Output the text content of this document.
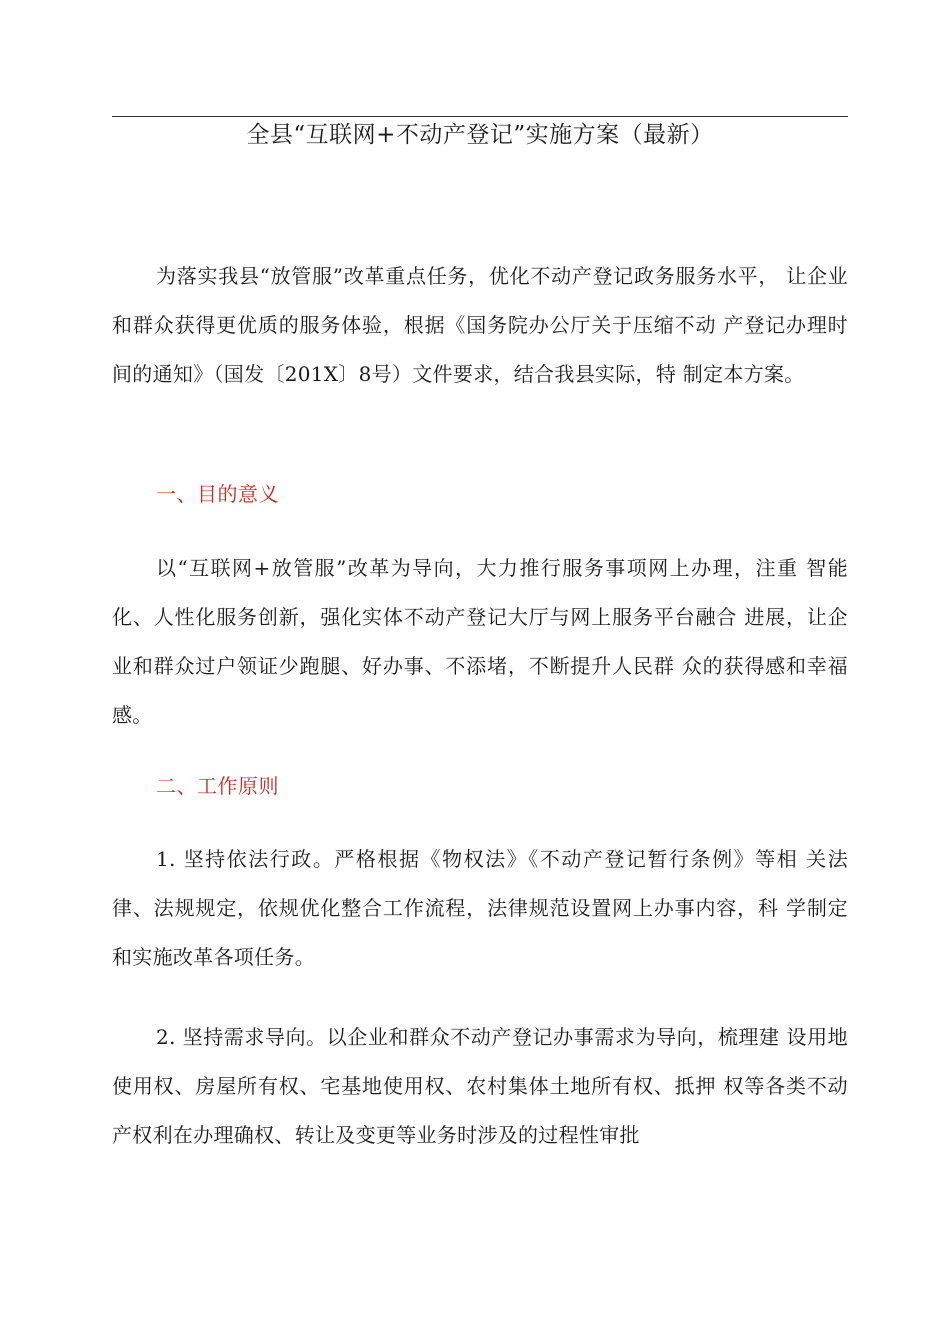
全县“互联网+不动产登记”实施方案（最新）

为落实我县“放管服”改革重点任务，优化不动产登记政务服务水平， 让企业和群众获得更优质的服务体验，根据《国务院办公厅关于压缩不动 产登记办理时间的通知》（国发〔201X〕8号）文件要求，结合我县实际，特 制定本方案。

一、目的意义

以“互联网+放管服”改革为导向，大力推行服务事项网上办理，注重 智能化、人性化服务创新，强化实体不动产登记大厅与网上服务平台融合 进展，让企业和群众过户领证少跑腿、好办事、不添堵，不断提升人民群 众的获得感和幸福感。

二、工作原则

1. 坚持依法行政。严格根据《物权法》《不动产登记暂行条例》等相 关法律、法规规定，依规优化整合工作流程，法律规范设置网上办事内容，科 学制定和实施改革各项任务。

2. 坚持需求导向。以企业和群众不动产登记办事需求为导向，梳理建 设用地使用权、房屋所有权、宅基地使用权、农村集体土地所有权、抵押 权等各类不动产权利在办理确权、转让及变更等业务时涉及的过程性审批
